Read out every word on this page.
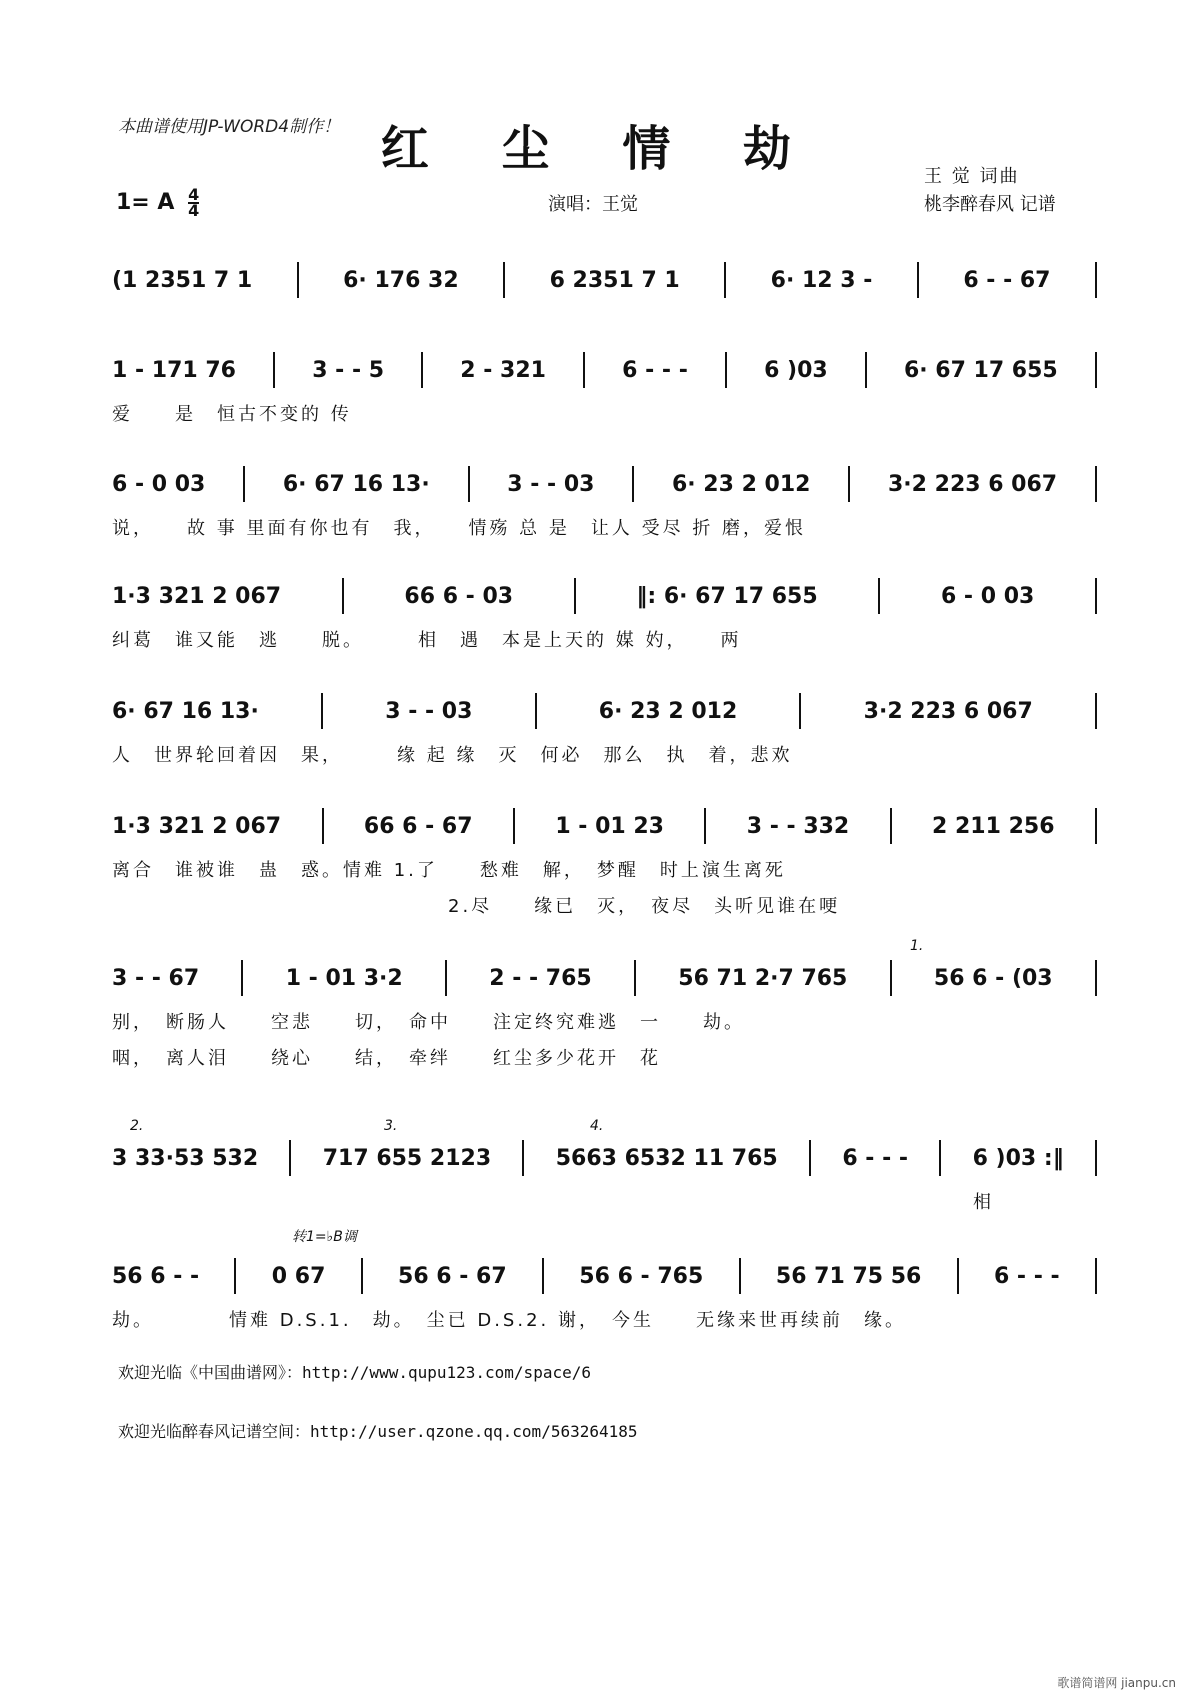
本曲谱使用JP-WORD4制作！ 红 尘 情 劫
1= A $\frac{4}{4}$	演唱：王觉
王 觉 词曲
桃李醉春风 记谱
(1 2351 7 1	6· 176 32	6 2351 7 1	6· 12 3 -	6 - - 67
1 - 171 76	3 - - 5	2 - 321	6 - - -	6 )03	6· 67 17 655
爱　　是　恒古不变的 传
6 - 0 03	6· 67 16 13·	3 - - 03	6· 23 2 012	3·2 223 6 067
说，　　故 事 里面有你也有　我，　　情殇 总 是　让人 受尽 折 磨，爱恨
1·3 321 2 067	66 6 - 03	‖: 6· 67 17 655	6 - 0 03
纠葛　谁又能　逃　　脱。　　　相　遇　本是上天的 媒 妁，　　两
6· 67 16 13·	3 - - 03	6· 23 2 012	3·2 223 6 067
人　世界轮回着因　果，　　　缘 起 缘　灭　何必　那么　执　着，悲欢
1·3 321 2 067	66 6 - 67	1 - 01 23	3 - - 332	2 211 256
离合　谁被谁　蛊　惑。情难 1.了　　愁难　解，　梦醒　时上演生离死
　　　　　　　　　　　　　　　　2.尽　　缘已　灭，　夜尽　头听见谁在哽
3 - - 67	1 - 01 3·2	2 - - 765	56 71 2·7 765	56 6 - (03
别，　断肠人　　空悲　　切，　命中　　注定终究难逃　一　　劫。
咽，　离人泪　　绕心　　结，　牵绊　　红尘多少花开　花
3 33·53 532	717 655 2123	5663 6532 11 765	6 - - -	6 )03 :‖
　　　　　　　　　　　　　　　　　　　　　　　　　　　　　　　　　　　　　　　　　相
56 6 - -	0 67	56 6 - 67	56 6 - 765	56 71 75 56	6 - - -
劫。　　　　情难 D.S.1.　劫。　尘已 D.S.2. 谢，　今生　　无缘来世再续前　缘。
欢迎光临《中国曲谱网》：http://www.qupu123.com/space/6
欢迎光临醉春风记谱空间：http://user.qzone.qq.com/563264185
歌谱简谱网 jianpu.cn
1.
2.	3.	4.
转1=♭B调
